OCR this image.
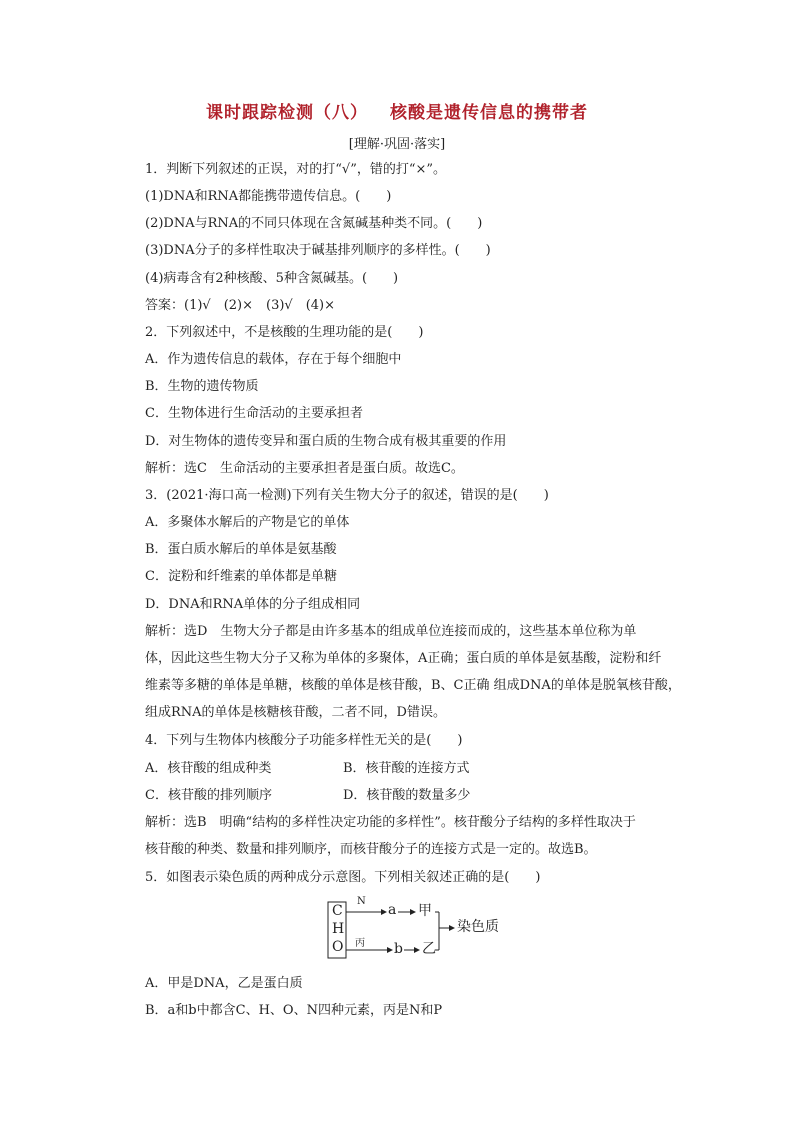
课时跟踪检测（八） 核酸是遗传信息的携带者
[理解·巩固·落实]
1．判断下列叙述的正误，对的打“√”，错的打“×”。
(1)DNA和RNA都能携带遗传信息。(　　)
(2)DNA与RNA的不同只体现在含氮碱基种类不同。(　　)
(3)DNA分子的多样性取决于碱基排列顺序的多样性。(　　)
(4)病毒含有2种核酸、5种含氮碱基。(　　)
答案：(1)√　(2)×　(3)√　(4)×
2．下列叙述中，不是核酸的生理功能的是(　　)
A．作为遗传信息的载体，存在于每个细胞中
B．生物的遗传物质
C．生物体进行生命活动的主要承担者
D．对生物体的遗传变异和蛋白质的生物合成有极其重要的作用
解析：选C　生命活动的主要承担者是蛋白质。故选C。
3．(2021·海口高一检测)下列有关生物大分子的叙述，错误的是(　　)
A．多聚体水解后的产物是它的单体
B．蛋白质水解后的单体是氨基酸
C．淀粉和纤维素的单体都是单糖
D．DNA和RNA单体的分子组成相同
解析：选D　生物大分子都是由许多基本的组成单位连接而成的，这些基本单位称为单
体，因此这些生物大分子又称为单体的多聚体，A正确；蛋白质的单体是氨基酸，淀粉和纤
维素等多糖的单体是单糖，核酸的单体是核苷酸，B、C正确 组成DNA的单体是脱氧核苷酸，
组成RNA的单体是核糖核苷酸，二者不同，D错误。
4．下列与生物体内核酸分子功能多样性无关的是(　　)
A．核苷酸的组成种类	B．核苷酸的连接方式
C．核苷酸的排列顺序	D．核苷酸的数量多少
解析：选B　明确“结构的多样性决定功能的多样性”。核苷酸分子结构的多样性取决于
核苷酸的种类、数量和排列顺序，而核苷酸分子的连接方式是一定的。故选B。
5．如图表示染色质的两种成分示意图。下列相关叙述正确的是(　　)
C
H
O
N
丙
a
b
甲
乙
染色质
A．甲是DNA，乙是蛋白质
B．a和b中都含C、H、O、N四种元素，丙是N和P
